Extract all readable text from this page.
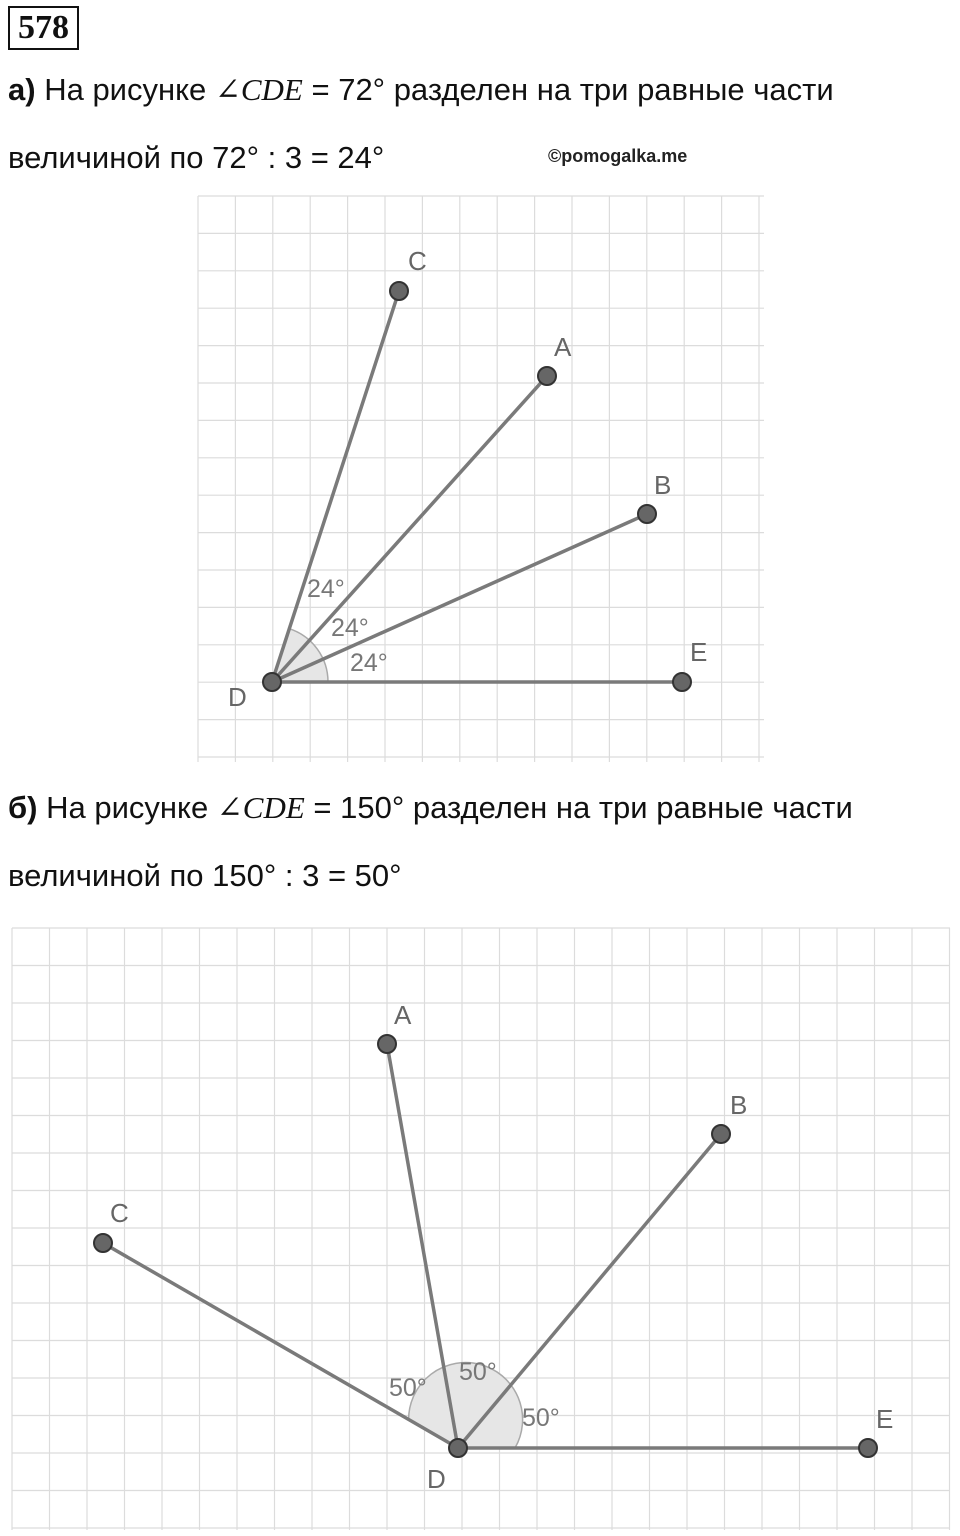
578
а) На рисунке ∠CDE = 72° разделен на три равные части
величиной по 72° : 3 = 24°	©pomogalka.me
C
A
B
E
D
24°
24°
24°
б) На рисунке ∠CDE = 150° разделен на три равные части
величиной по 150° : 3 = 50°
A
B
C
D
E
50°
50°
50°
